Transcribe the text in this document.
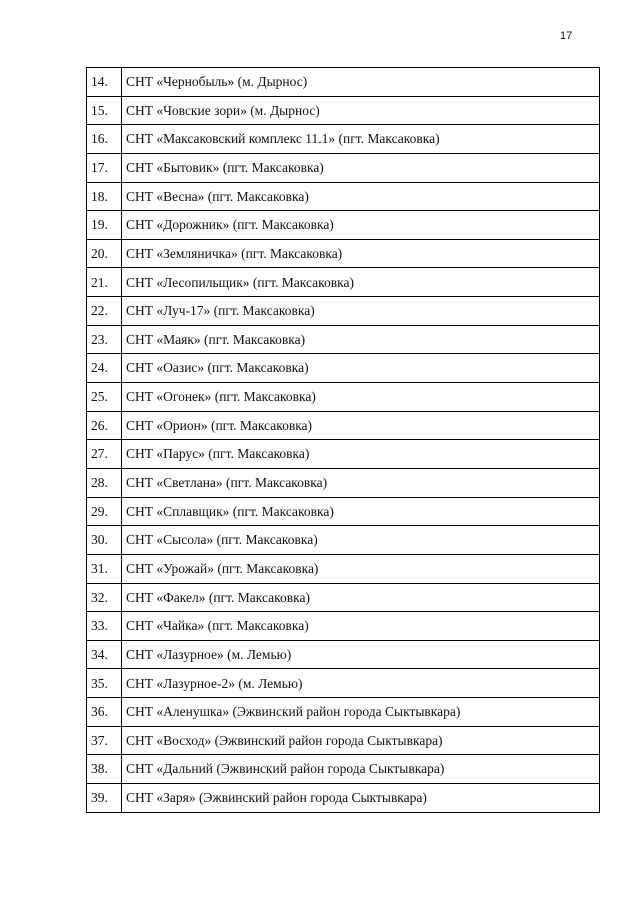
17
14.	СНТ «Чернобыль» (м. Дырнос)
15.	СНТ «Човские зори» (м. Дырнос)
16.	СНТ «Максаковский комплекс 11.1» (пгт. Максаковка)
17.	СНТ «Бытовик» (пгт. Максаковка)
18.	СНТ «Весна» (пгт. Максаковка)
19.	СНТ «Дорожник» (пгт. Максаковка)
20.	СНТ «Земляничка» (пгт. Максаковка)
21.	СНТ «Лесопильщик» (пгт. Максаковка)
22.	СНТ «Луч-17» (пгт. Максаковка)
23.	СНТ «Маяк» (пгт. Максаковка)
24.	СНТ «Оазис» (пгт. Максаковка)
25.	СНТ «Огонек» (пгт. Максаковка)
26.	СНТ «Орион» (пгт. Максаковка)
27.	СНТ «Парус» (пгт. Максаковка)
28.	СНТ «Светлана» (пгт. Максаковка)
29.	СНТ «Сплавщик» (пгт. Максаковка)
30.	СНТ «Сысола» (пгт. Максаковка)
31.	СНТ «Урожай» (пгт. Максаковка)
32.	СНТ «Факел» (пгт. Максаковка)
33.	СНТ «Чайка» (пгт. Максаковка)
34.	СНТ «Лазурное» (м. Лемью)
35.	СНТ «Лазурное-2» (м. Лемью)
36.	СНТ «Аленушка» (Эжвинский район города Сыктывкара)
37.	СНТ «Восход» (Эжвинский район города Сыктывкара)
38.	СНТ «Дальний (Эжвинский район города Сыктывкара)
39.	СНТ «Заря» (Эжвинский район города Сыктывкара)
